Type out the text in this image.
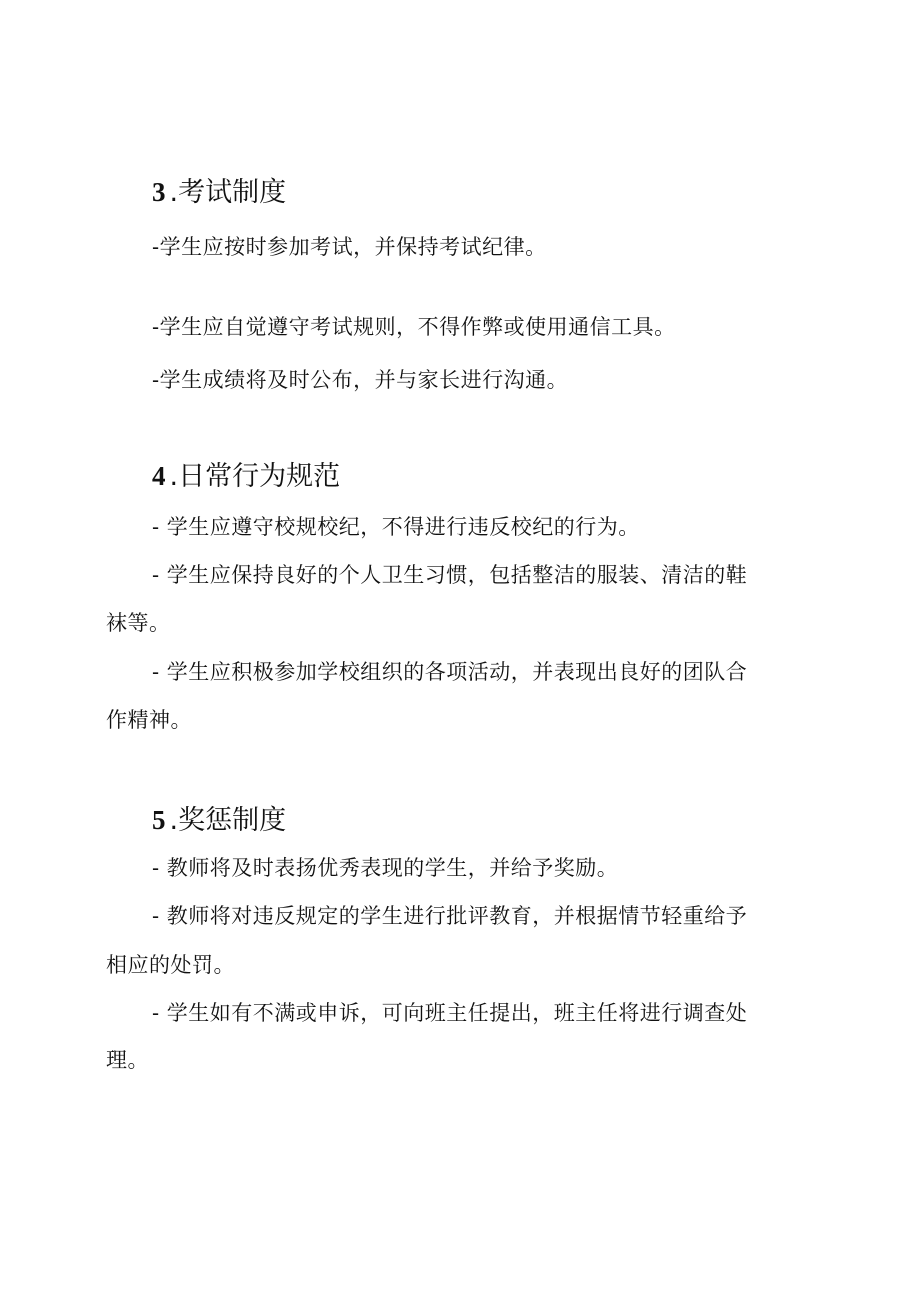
3 .考试制度
-学生应按时参加考试，并保持考试纪律。
-学生应自觉遵守考试规则，不得作弊或使用通信工具。
-学生成绩将及时公布，并与家长进行沟通。
4 .日常行为规范
- 学生应遵守校规校纪，不得进行违反校纪的行为。
- 学生应保持良好的个人卫生习惯，包括整洁的服装、清洁的鞋
袜等。
- 学生应积极参加学校组织的各项活动，并表现出良好的团队合
作精神。
5 .奖惩制度
- 教师将及时表扬优秀表现的学生，并给予奖励。
- 教师将对违反规定的学生进行批评教育，并根据情节轻重给予
相应的处罚。
- 学生如有不满或申诉，可向班主任提出，班主任将进行调查处
理。
